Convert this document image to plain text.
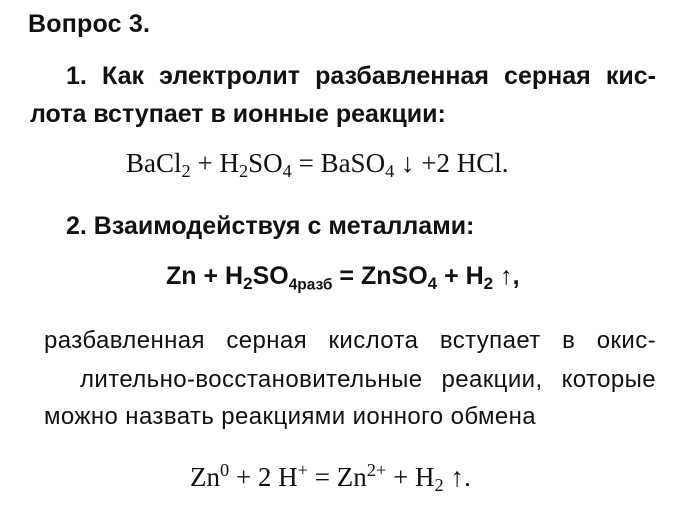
Вопрос 3.
1. Как электролит разбавленная серная кис-
лота вступает в ионные реакции:
BaCl$_2$ + $H_2SO_4$ = BaSO$_4$ ↓ +2 HCl.
2. Взаимодействуя с металлами:
$Zn + H_2SO_{4разб}$ = ZnSO$_4$ + $H_2$ ↑,
разбавленная серная кислота вступает в окис-
лительно-восстановительные реакции, которые
можно назвать реакциями ионного обмена
$Zn^0 + 2$ $H^+ = Zn^{2+} + H_2$ ↑.
